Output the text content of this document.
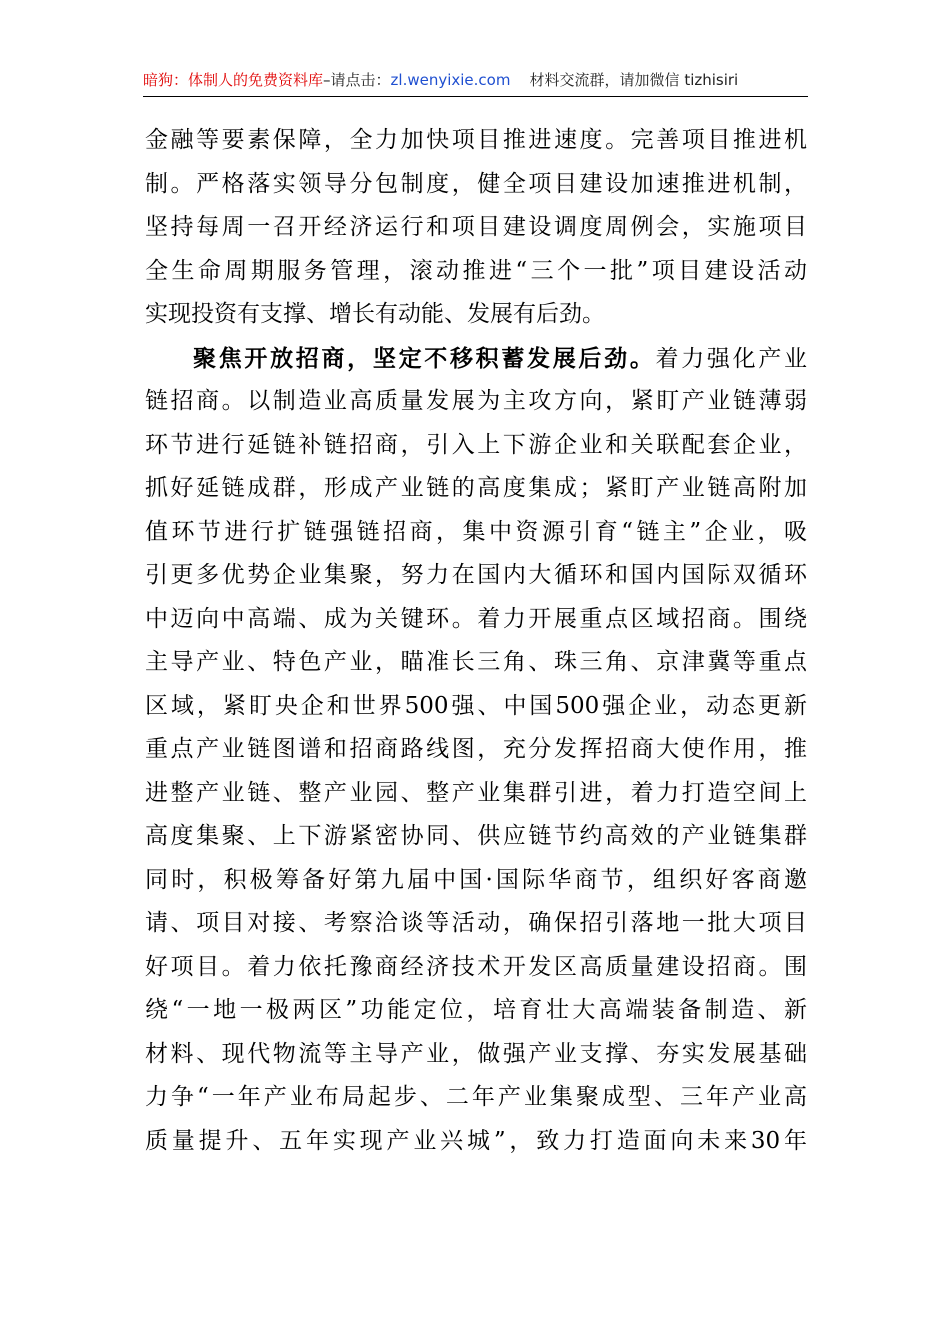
暗狗：体制人的免费资料库–请点击：zl.wenyixie.com 材料交流群，请加微信 tizhisiri
金融等要素保障，全力加快项目推进速度。完善项目推进机
制。严格落实领导分包制度，健全项目建设加速推进机制，
坚持每周一召开经济运行和项目建设调度周例会，实施项目
全生命周期服务管理，滚动推进“三个一批”项目建设活动
实现投资有支撑、增长有动能、发展有后劲。
聚焦开放招商，坚定不移积蓄发展后劲。着力强化产业
链招商。以制造业高质量发展为主攻方向，紧盯产业链薄弱
环节进行延链补链招商，引入上下游企业和关联配套企业，
抓好延链成群，形成产业链的高度集成；紧盯产业链高附加
值环节进行扩链强链招商，集中资源引育“链主”企业，吸
引更多优势企业集聚，努力在国内大循环和国内国际双循环
中迈向中高端、成为关键环。着力开展重点区域招商。围绕
主导产业、特色产业，瞄准长三角、珠三角、京津冀等重点
区域，紧盯央企和世界500强、中国500强企业，动态更新
重点产业链图谱和招商路线图，充分发挥招商大使作用，推
进整产业链、整产业园、整产业集群引进，着力打造空间上
高度集聚、上下游紧密协同、供应链节约高效的产业链集群
同时，积极筹备好第九届中国·国际华商节，组织好客商邀
请、项目对接、考察洽谈等活动，确保招引落地一批大项目
好项目。着力依托豫商经济技术开发区高质量建设招商。围
绕“一地一极两区”功能定位，培育壮大高端装备制造、新
材料、现代物流等主导产业，做强产业支撑、夯实发展基础
力争“一年产业布局起步、二年产业集聚成型、三年产业高
质量提升、五年实现产业兴城”，致力打造面向未来30年
